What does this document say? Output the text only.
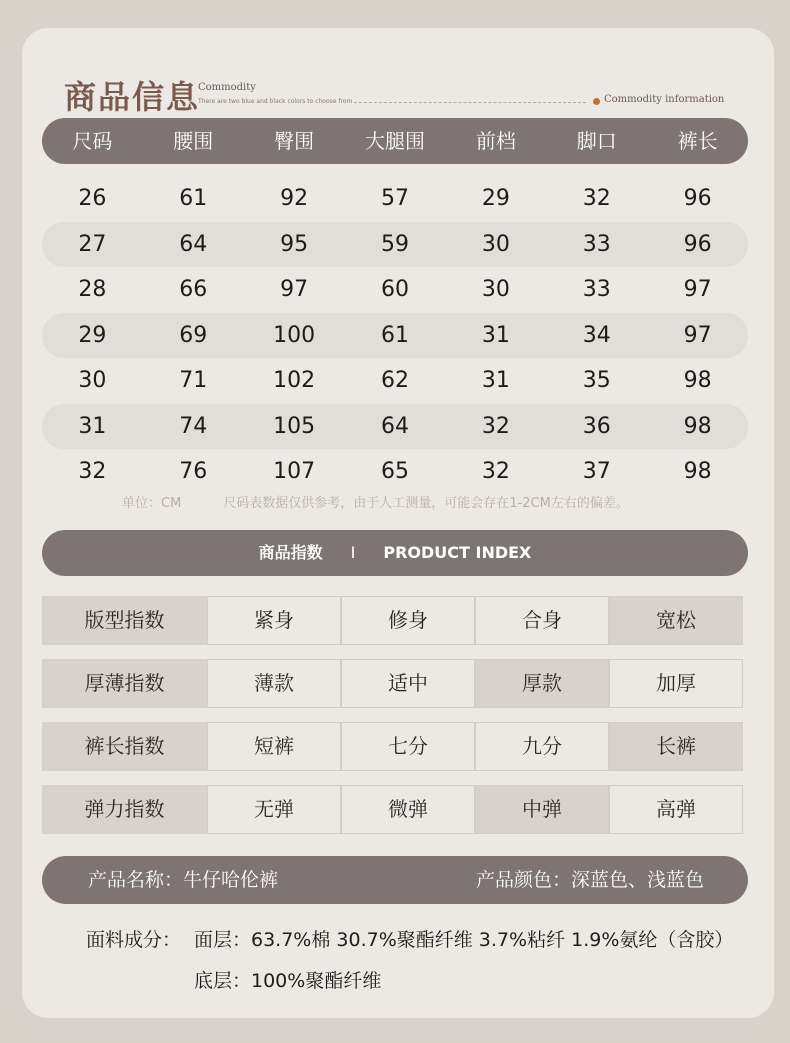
商品信息
Commodity
There are two blue and black colors to choose from	Commodity information
尺码	腰围	臀围	大腿围	前档	脚口	裤长
26	61	92	57	29	32	96
27	64	95	59	30	33	96
28	66	97	60	30	33	97
29	69	100	61	31	34	97
30	71	102	62	31	35	98
31	74	105	64	32	36	98
32	76	107	65	32	37	98
单位：CM	尺码表数据仅供参考，由于人工测量，可能会存在1-2CM左右的偏差。
商品指数 I PRODUCT INDEX
版型指数	紧身	修身	合身	宽松
厚薄指数	薄款	适中	厚款	加厚
裤长指数	短裤	七分	九分	长裤
弹力指数	无弹	微弹	中弹	高弹
产品名称：牛仔哈伦裤	产品颜色：深蓝色、浅蓝色
面料成分： 面层：63.7%棉 30.7%聚酯纤维 3.7%粘纤 1.9%氨纶（含胶）
底层：100%聚酯纤维
